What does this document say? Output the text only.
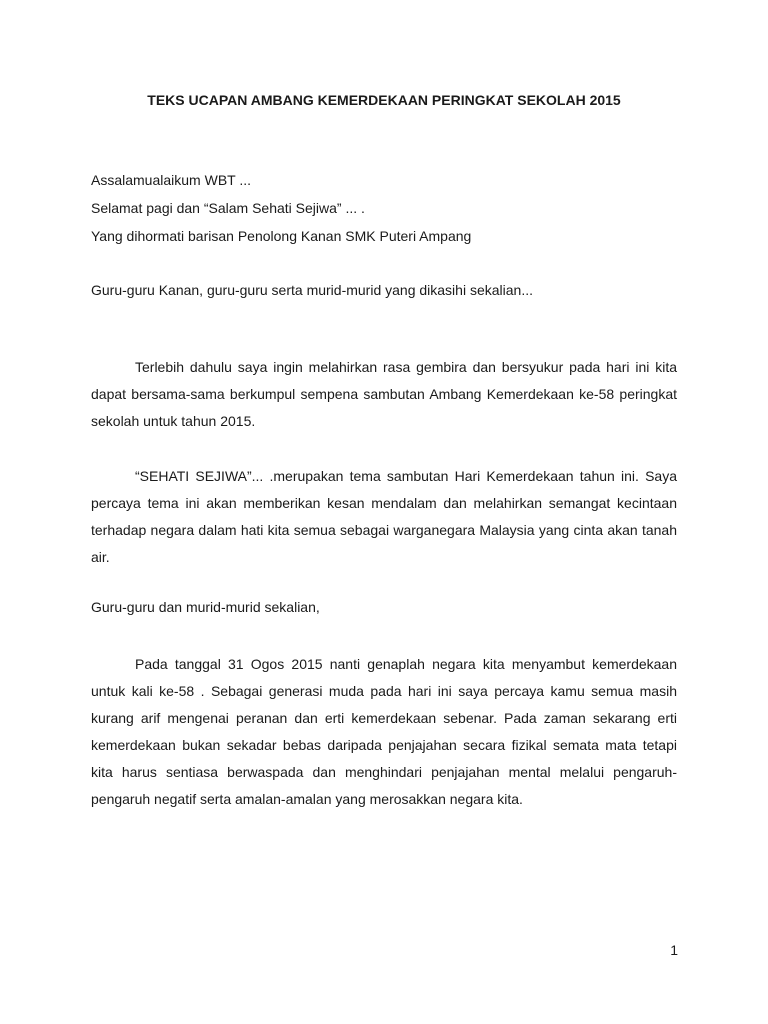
TEKS UCAPAN AMBANG KEMERDEKAAN PERINGKAT SEKOLAH 2015

Assalamualaikum WBT ...

Selamat pagi dan “Salam Sehati Sejiwa” ... .

Yang dihormati barisan Penolong Kanan SMK Puteri Ampang

Guru-guru Kanan, guru-guru serta murid-murid yang dikasihi sekalian...

Terlebih dahulu saya ingin melahirkan rasa gembira dan bersyukur pada hari ini kita dapat bersama-sama berkumpul sempena sambutan Ambang Kemerdekaan ke-58 peringkat sekolah untuk tahun 2015.

“SEHATI SEJIWA”... .merupakan tema sambutan Hari Kemerdekaan tahun ini. Saya percaya tema ini akan memberikan kesan mendalam dan melahirkan semangat kecintaan terhadap negara dalam hati kita semua sebagai warganegara Malaysia yang cinta akan tanah air.

Guru-guru dan murid-murid sekalian,

Pada tanggal 31 Ogos 2015 nanti genaplah negara kita menyambut kemerdekaan untuk kali ke-58 . Sebagai generasi muda pada hari ini saya percaya kamu semua masih kurang arif mengenai peranan dan erti kemerdekaan sebenar. Pada zaman sekarang erti kemerdekaan bukan sekadar bebas daripada penjajahan secara fizikal semata mata tetapi kita harus sentiasa berwaspada dan menghindari penjajahan mental melalui pengaruh-pengaruh negatif serta amalan-amalan yang merosakkan negara kita.

1
